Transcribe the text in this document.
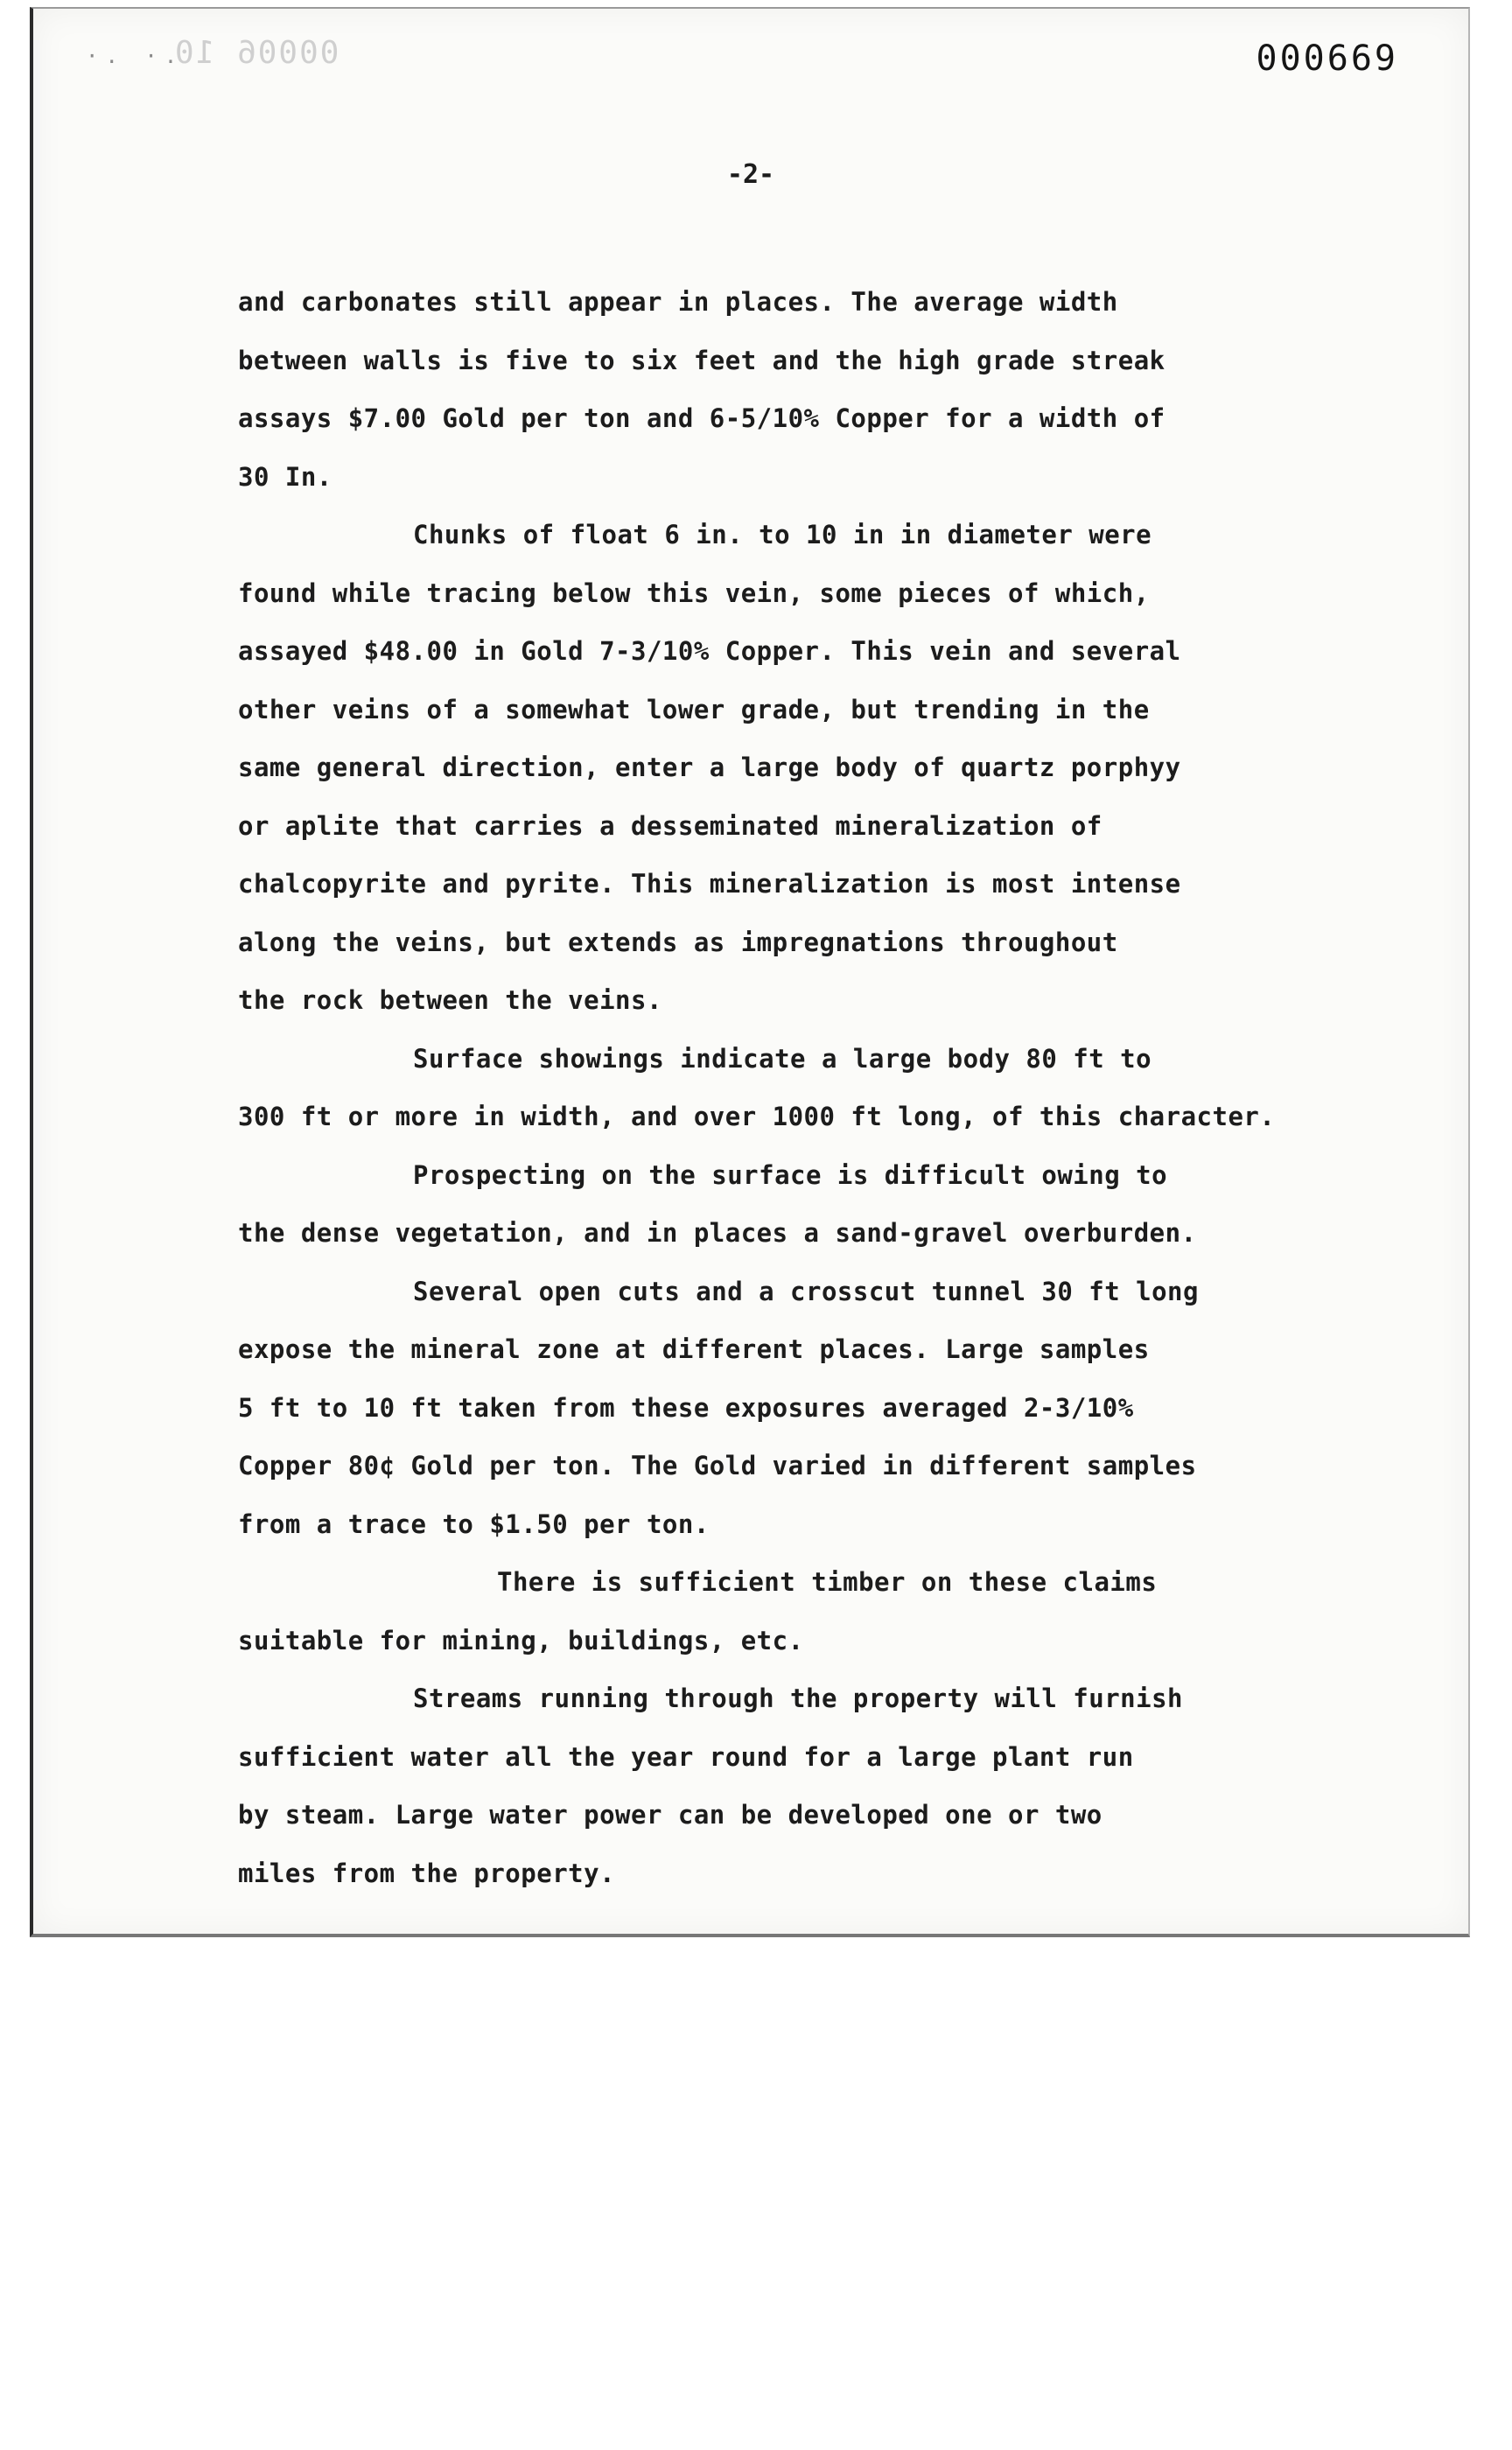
·. ·.
00006 10	000669
-2-
and carbonates still appear in places. The average width
between walls is five to six feet and the high grade streak
assays $7.00 Gold per ton and 6-5/10% Copper for a width of
30 In.
Chunks of float 6 in. to 10 in in diameter were
found while tracing below this vein, some pieces of which,
assayed $48.00 in Gold 7-3/10% Copper. This vein and several
other veins of a somewhat lower grade, but trending in the
same general direction, enter a large body of quartz porphyy
or aplite that carries a desseminated mineralization of
chalcopyrite and pyrite. This mineralization is most intense
along the veins, but extends as impregnations throughout
the rock between the veins.
Surface showings indicate a large body 80 ft to
300 ft or more in width, and over 1000 ft long, of this character.
Prospecting on the surface is difficult owing to
the dense vegetation, and in places a sand-gravel overburden.
Several open cuts and a crosscut tunnel 30 ft long
expose the mineral zone at different places. Large samples
5 ft to 10 ft taken from these exposures averaged 2-3/10%
Copper 80¢ Gold per ton. The Gold varied in different samples
from a trace to $1.50 per ton.
There is sufficient timber on these claims
suitable for mining, buildings, etc.
Streams running through the property will furnish
sufficient water all the year round for a large plant run
by steam. Large water power can be developed one or two
miles from the property.
